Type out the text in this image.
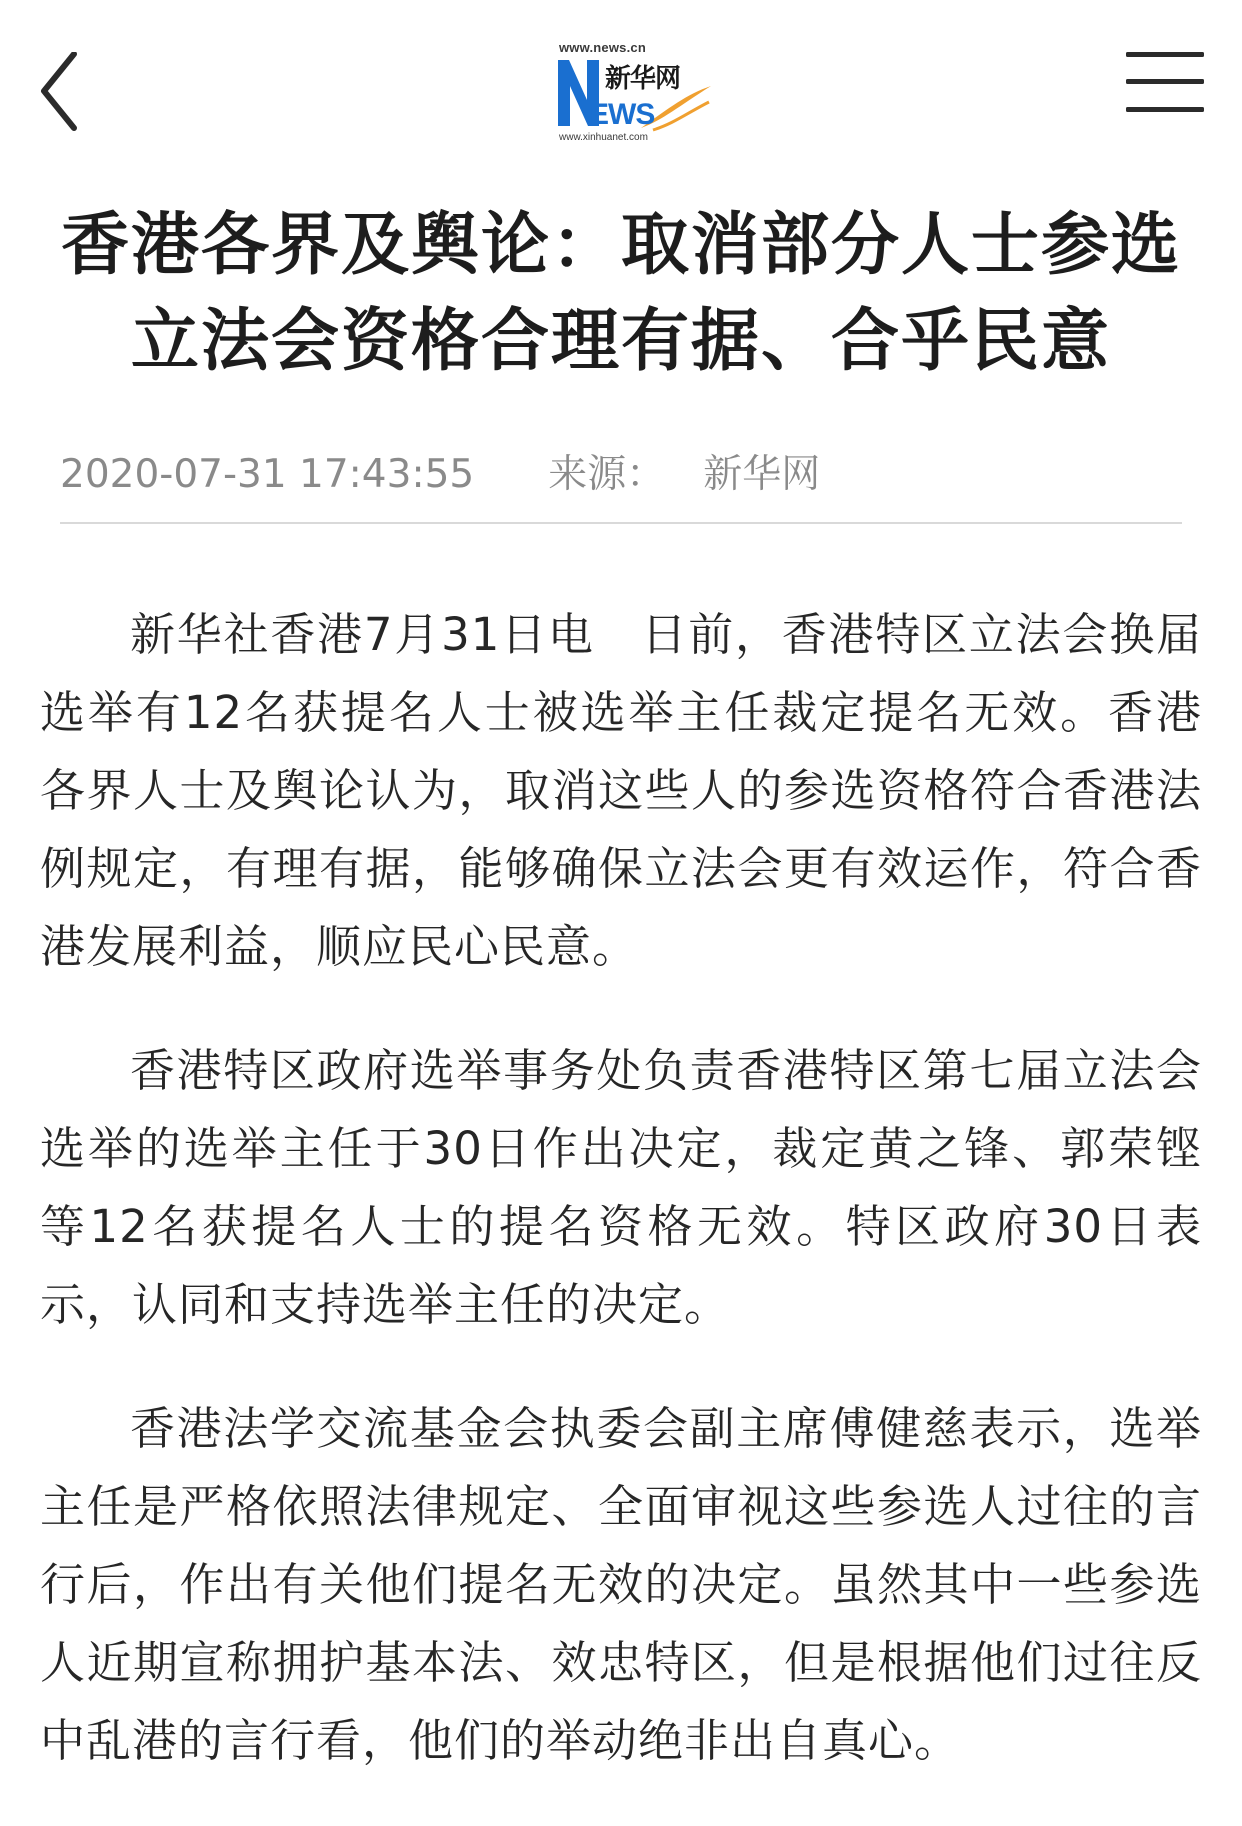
www.news.cn
新华网
EWS
www.xinhuanet.com
香港各界及舆论：取消部分人士参选立法会资格合理有据、合乎民意
2020-07-31 17:43:55 来源： 新华网

新华社香港7月31日电　日前，香港特区立法会换届选举有12名获提名人士被选举主任裁定提名无效。香港各界人士及舆论认为，取消这些人的参选资格符合香港法例规定，有理有据，能够确保立法会更有效运作，符合香港发展利益，顺应民心民意。

香港特区政府选举事务处负责香港特区第七届立法会选举的选举主任于30日作出决定，裁定黄之锋、郭荣铿等12名获提名人士的提名资格无效。特区政府30日表示，认同和支持选举主任的决定。

香港法学交流基金会执委会副主席傅健慈表示，选举主任是严格依照法律规定、全面审视这些参选人过往的言行后，作出有关他们提名无效的决定。虽然其中一些参选人近期宣称拥护基本法、效忠特区，但是根据他们过往反中乱港的言行看，他们的举动绝非出自真心。
